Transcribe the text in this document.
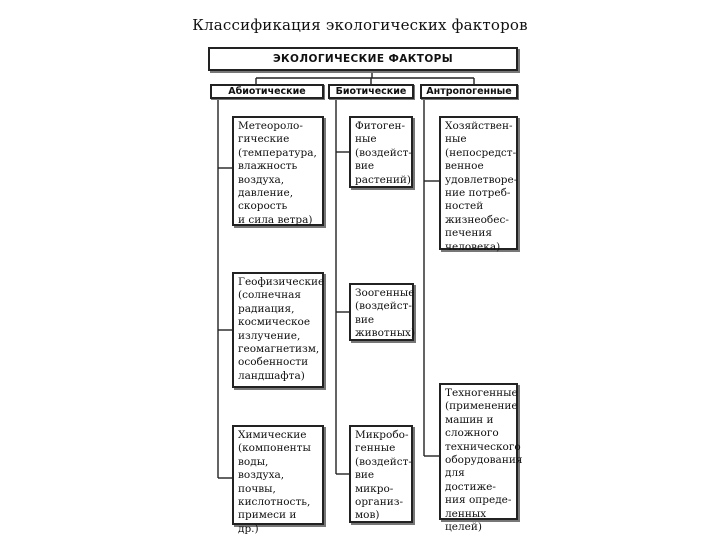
Классификация экологических факторов
ЭКОЛОГИЧЕСКИЕ ФАКТОРЫ
Абиотические	Биотические	Антропогенные
Метеороло-
гические
(температура,
влажность
воздуха,
давление,
скорость
и сила ветра)
Геофизические
(солнечная
радиация,
космическое
излучение,
геомагнетизм,
особенности
ландшафта)
Химические
(компоненты
воды,
воздуха,
почвы,
кислотность,
примеси и др.)
Фитоген-
ные
(воздейст-
вие
растений)
Зоогенные
(воздейст-
вие
животных)
Микробо-
генные
(воздейст-
вие микро-
организ-
мов)
Хозяйствен-
ные
(непосредст-
венное
удовлетворе-
ние потреб-
ностей
жизнеобес-
печения
человека)
Техногенные
(применение
машин и
сложного
технического
оборудования
для достиже-
ния опреде-
ленных
целей)
